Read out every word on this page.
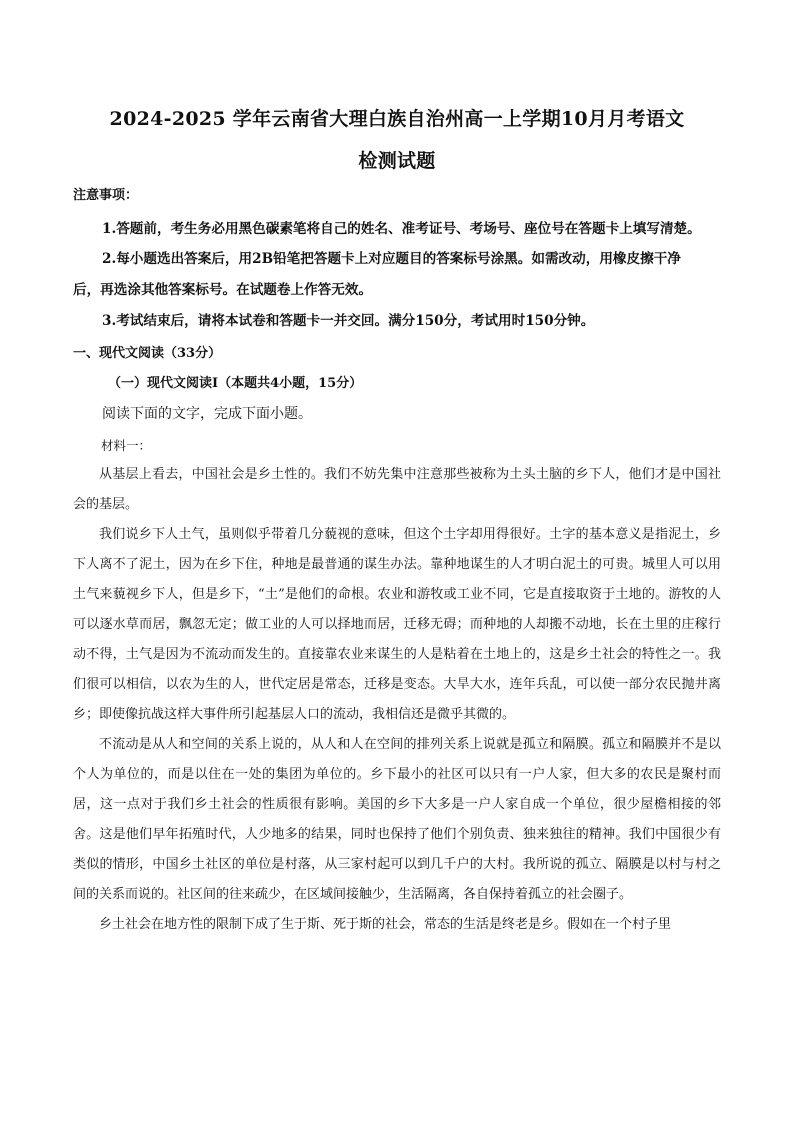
2024-2025 学年云南省大理白族自治州高一上学期10月月考语文
检测试题
注意事项：
1.答题前，考生务必用黑色碳素笔将自己的姓名、准考证号、考场号、座位号在答题卡上填写清楚。
2.每小题选出答案后，用2B铅笔把答题卡上对应题目的答案标号涂黑。如需改动，用橡皮擦干净
后，再选涂其他答案标号。在试题卷上作答无效。
3.考试结束后，请将本试卷和答题卡一并交回。满分150分，考试用时150分钟。
一、现代文阅读（33分）
（一）现代文阅读Ⅰ（本题共4小题，15分）
阅读下面的文字，完成下面小题。
材料一：

从基层上看去，中国社会是乡土性的。我们不妨先集中注意那些被称为土头土脑的乡下人，他们才是中国社会的基层。

我们说乡下人土气，虽则似乎带着几分藐视的意味，但这个土字却用得很好。土字的基本意义是指泥土，乡下人离不了泥土，因为在乡下住，种地是最普通的谋生办法。靠种地谋生的人才明白泥土的可贵。城里人可以用土气来藐视乡下人，但是乡下，“土”是他们的命根。农业和游牧或工业不同，它是直接取资于土地的。游牧的人可以逐水草而居，飘忽无定；做工业的人可以择地而居，迁移无碍；而种地的人却搬不动地，长在土里的庄稼行动不得，土气是因为不流动而发生的。直接靠农业来谋生的人是粘着在土地上的，这是乡土社会的特性之一。我们很可以相信，以农为生的人，世代定居是常态，迁移是变态。大旱大水，连年兵乱，可以使一部分农民抛井离乡；即使像抗战这样大事件所引起基层人口的流动，我相信还是微乎其微的。

不流动是从人和空间的关系上说的，从人和人在空间的排列关系上说就是孤立和隔膜。孤立和隔膜并不是以个人为单位的，而是以住在一处的集团为单位的。乡下最小的社区可以只有一户人家，但大多的农民是聚村而居，这一点对于我们乡土社会的性质很有影响。美国的乡下大多是一户人家自成一个单位，很少屋檐相接的邻舍。这是他们早年拓殖时代，人少地多的结果，同时也保持了他们个别负责、独来独往的精神。我们中国很少有类似的情形，中国乡土社区的单位是村落，从三家村起可以到几千户的大村。我所说的孤立、隔膜是以村与村之间的关系而说的。社区间的往来疏少，在区域间接触少，生活隔离，各自保持着孤立的社会圈子。

乡土社会在地方性的限制下成了生于斯、死于斯的社会，常态的生活是终老是乡。假如在一个村子里
